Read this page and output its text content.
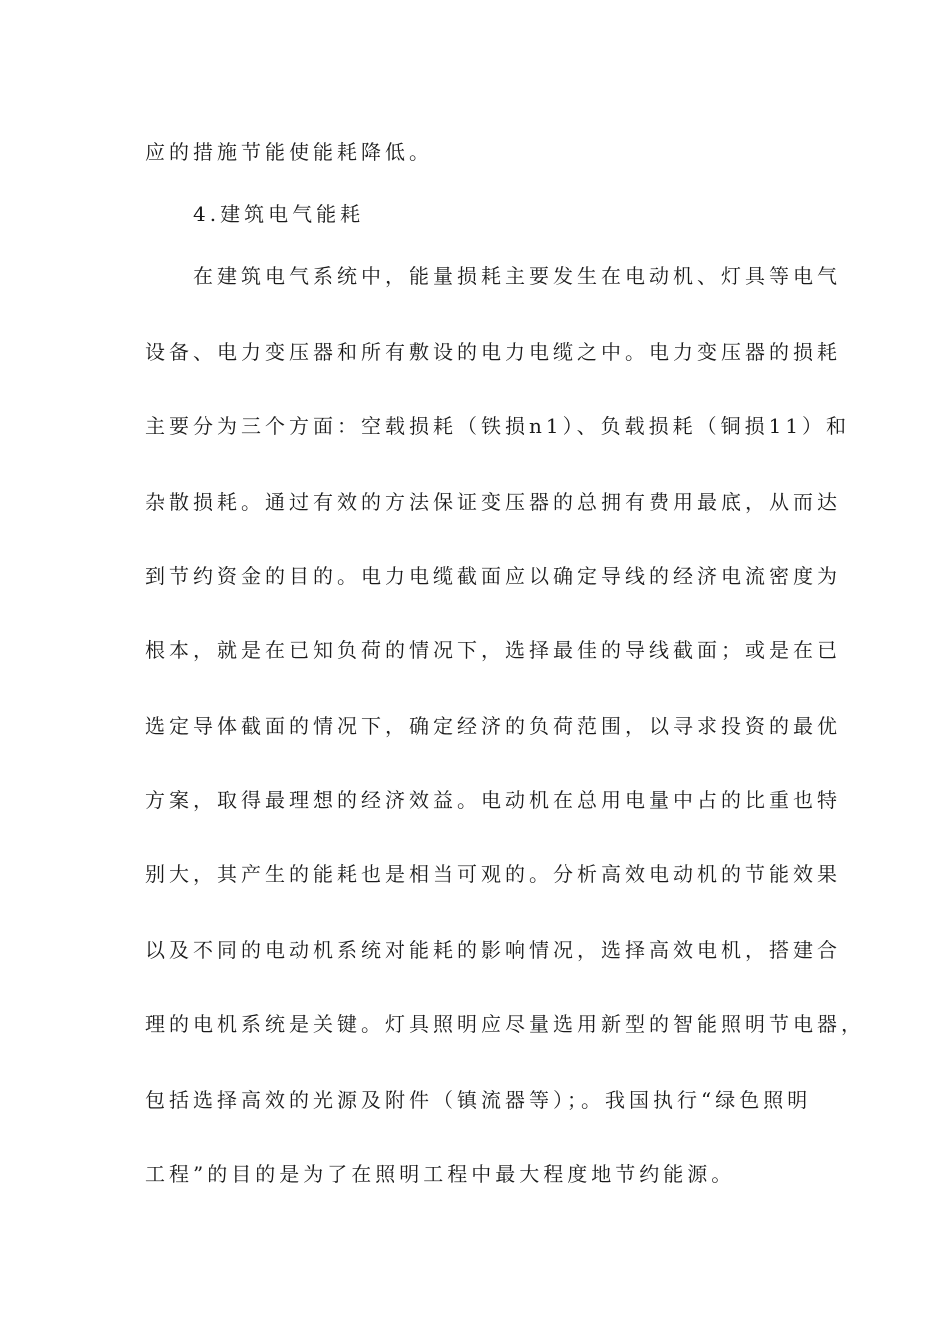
应的措施节能使能耗降低。
4.建筑电气能耗
在建筑电气系统中，能量损耗主要发生在电动机、灯具等电气
设备、电力变压器和所有敷设的电力电缆之中。电力变压器的损耗
主要分为三个方面：空载损耗（铁损n1）、负载损耗（铜损11）和
杂散损耗。通过有效的方法保证变压器的总拥有费用最底，从而达
到节约资金的目的。电力电缆截面应以确定导线的经济电流密度为
根本，就是在已知负荷的情况下，选择最佳的导线截面；或是在已
选定导体截面的情况下，确定经济的负荷范围，以寻求投资的最优
方案，取得最理想的经济效益。电动机在总用电量中占的比重也特
别大，其产生的能耗也是相当可观的。分析高效电动机的节能效果
以及不同的电动机系统对能耗的影响情况，选择高效电机，搭建合
理的电机系统是关键。灯具照明应尽量选用新型的智能照明节电器，
包括选择高效的光源及附件（镇流器等）；。我国执行“绿色照明
工程”的目的是为了在照明工程中最大程度地节约能源。
